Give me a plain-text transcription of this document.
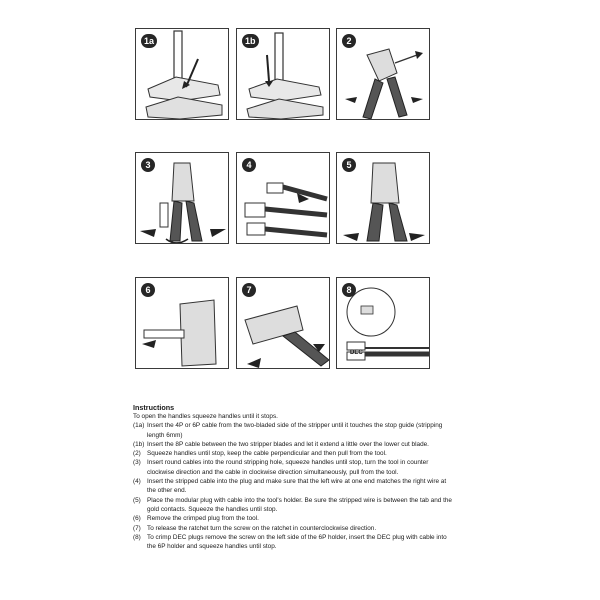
1a	1b	2
3	4	5
6	7	8
DEC
Instructions

To open the handles squeeze handles until it stops.

(1a) Insert the 4P or 6P cable from the two-bladed side of the stripper until it touches the stop guide (stripping length 6mm)
(1b) Insert the 8P cable between the two stripper blades and let it extend a little over the lower cut blade.
(2) Squeeze handles until stop, keep the cable perpendicular and then pull from the tool.
(3) Insert round cables into the round stripping hole, squeeze handles until stop, turn the tool in counter clockwise direction and the cable in clockwise direction simultaneously, pull from the tool.
(4) Insert the stripped cable into the plug and make sure that the left wire at one end matches the right wire at the other end.
(5) Place the modular plug with cable into the tool's holder. Be sure the stripped wire is between the tab and the gold contacts. Squeeze the handles until stop.
(6) Remove the crimped plug from the tool.
(7) To release the ratchet turn the screw on the ratchet in counterclockwise direction.
(8) To crimp DEC plugs remove the screw on the left side of the 6P holder, insert the DEC plug with cable into the 6P holder and squeeze handles until stop.
